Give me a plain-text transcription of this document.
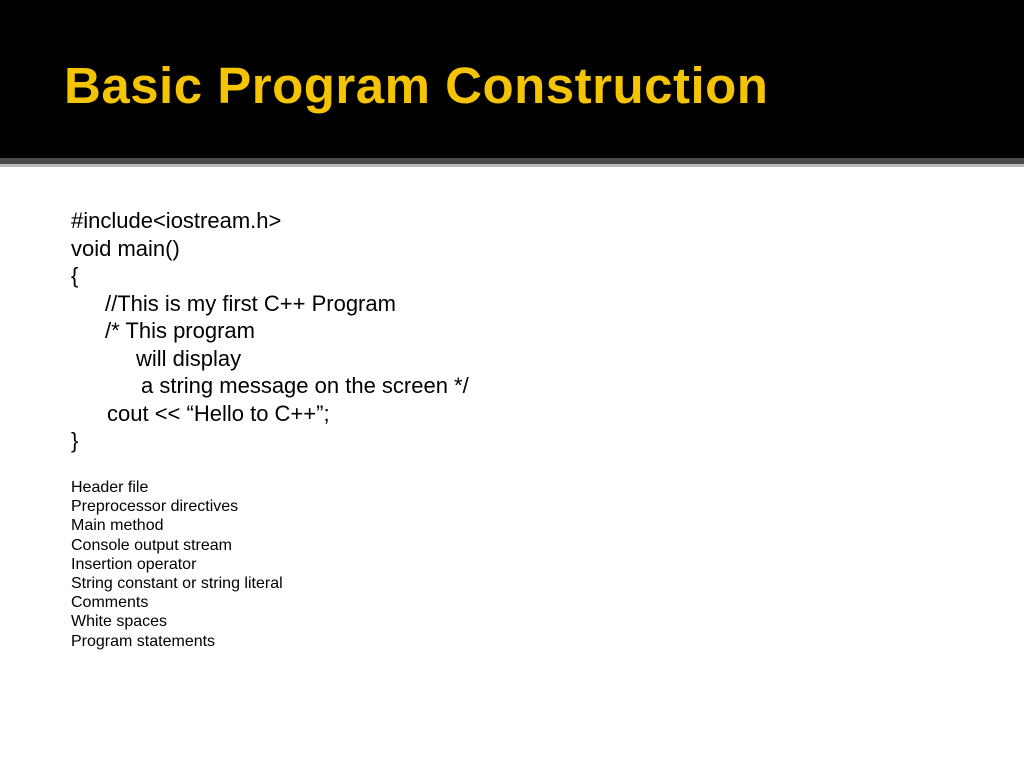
Basic Program Construction
#include<iostream.h>
void main()
{
//This is my first C++ Program
/* This program
will display
a string message on the screen */
cout << “Hello to C++”;
}
Header file
Preprocessor directives
Main method
Console output stream
Insertion operator
String constant or string literal
Comments
White spaces
Program statements
